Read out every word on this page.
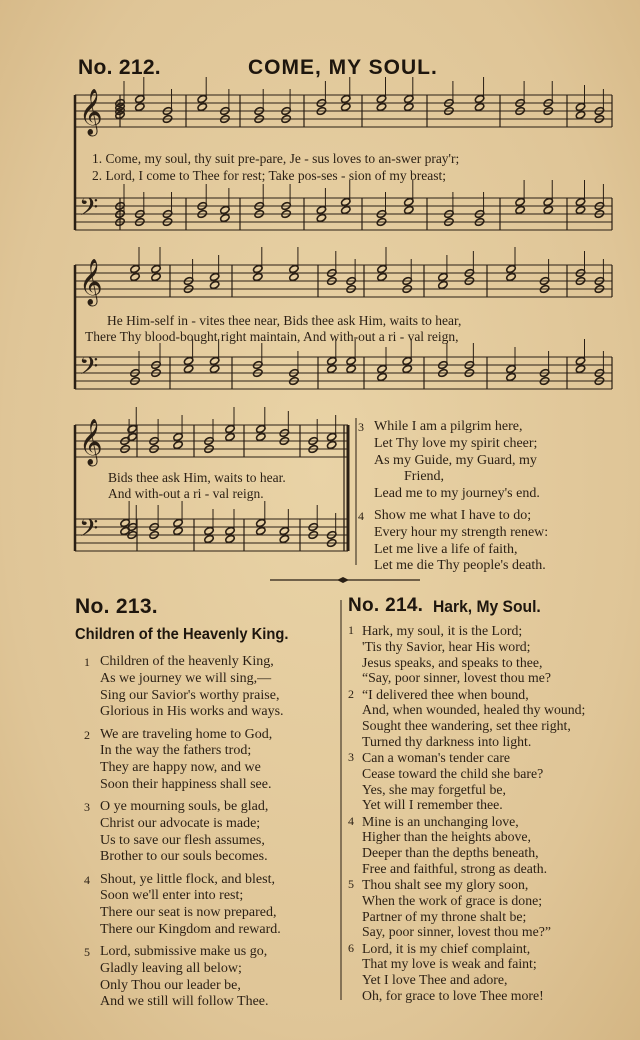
𝄞
𝄢
𝄞
𝄢
𝄞
𝄢
No. 212.	COME, MY SOUL.
1. Come, my soul, thy suit pre-pare, Je - sus loves to an-swer pray'r;
2. Lord, I come to Thee for rest; Take pos-ses - sion of my breast;
He Him-self in - vites thee near, Bids thee ask Him, waits to hear,
There Thy blood-bought right maintain, And with-out a ri - val reign,
Bids thee ask Him, waits to hear.
And with-out a ri - val reign.
3 While I am a pilgrim here,
Let Thy love my spirit cheer;
As my Guide, my Guard, my
Friend,
Lead me to my journey's end.
4 Show me what I have to do;
Every hour my strength renew:
Let me live a life of faith,
Let me die Thy people's death.
No. 213.
Children of the Heavenly King.
No. 214. Hark, My Soul.
1 Children of the heavenly King,
As we journey we will sing,—
Sing our Savior's worthy praise,
Glorious in His works and ways.
2 We are traveling home to God,
In the way the fathers trod;
They are happy now, and we
Soon their happiness shall see.
3 O ye mourning souls, be glad,
Christ our advocate is made;
Us to save our flesh assumes,
Brother to our souls becomes.
4 Shout, ye little flock, and blest,
Soon we'll enter into rest;
There our seat is now prepared,
There our Kingdom and reward.
5 Lord, submissive make us go,
Gladly leaving all below;
Only Thou our leader be,
And we still will follow Thee.
1 Hark, my soul, it is the Lord;
'Tis thy Savior, hear His word;
Jesus speaks, and speaks to thee,
“Say, poor sinner, lovest thou me?
2 “I delivered thee when bound,
And, when wounded, healed thy wound;
Sought thee wandering, set thee right,
Turned thy darkness into light.
3 Can a woman's tender care
Cease toward the child she bare?
Yes, she may forgetful be,
Yet will I remember thee.
4 Mine is an unchanging love,
Higher than the heights above,
Deeper than the depths beneath,
Free and faithful, strong as death.
5 Thou shalt see my glory soon,
When the work of grace is done;
Partner of my throne shalt be;
Say, poor sinner, lovest thou me?”
6 Lord, it is my chief complaint,
That my love is weak and faint;
Yet I love Thee and adore,
Oh, for grace to love Thee more!
